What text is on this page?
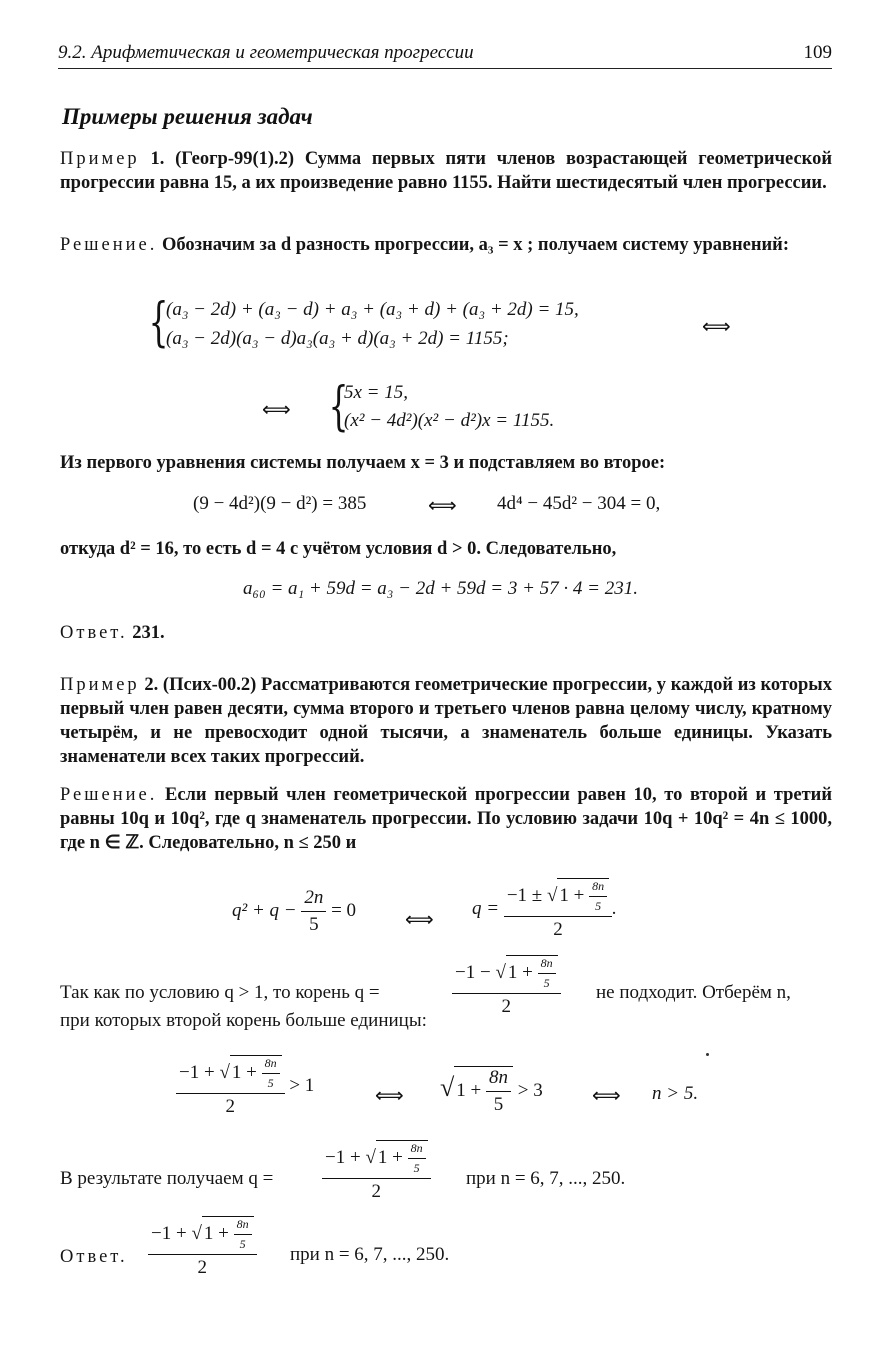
9.2. Арифметическая и геометрическая прогрессии	109
Примеры решения задач
Пример 1. (Геогр-99(1).2) Сумма первых пяти членов возрастающей геометрической прогрессии равна 15, а их произведение равно 1155. Найти шестидесятый член прогрессии.
Решение. Обозначим за d разность прогрессии, a₃ = x ; получаем систему уравнений:
{
(a₃ − 2d) + (a₃ − d) + a₃ + (a₃ + d) + (a₃ + 2d) = 15,
(a₃ − 2d)(a₃ − d)a₃(a₃ + d)(a₃ + 2d) = 1155;
⟺
⟺ {
5x = 15,
(x² − 4d²)(x² − d²)x = 1155.
Из первого уравнения системы получаем x = 3 и подставляем во второе:
(9 − 4d²)(9 − d²) = 385	⟺ 4d⁴ − 45d² − 304 = 0,
откуда d² = 16, то есть d = 4 с учётом условия d > 0. Следовательно,
a₆₀ = a₁ + 59d = a₃ − 2d + 59d = 3 + 57 · 4 = 231.
Ответ. 231.
Пример 2. (Псих-00.2) Рассматриваются геометрические прогрессии, у каждой из которых первый член равен десяти, сумма второго и третьего членов равна целому числу, кратному четырём, и не превосходит одной тысячи, а знаменатель больше единицы. Указать знаменатели всех таких прогрессий.
Решение. Если первый член геометрической прогрессии равен 10, то второй и третий равны 10q и 10q², где q знаменатель прогрессии. По условию задачи 10q + 10q² = 4n ≤ 1000, где n ∈ ℤ. Следовательно, n ≤ 250 и
$q^2 + q - \frac{2n}{5} = 0$ ⟺ $q = \frac{-1 \pm √ 1 + \frac{8n}{5}}{2}$ .
Так как по условию q > 1, то корень q =	$\frac{-1 - √ 1 + \frac{8n}{5}}{2}$ не подходит. Отберём n,
при которых второй корень больше единицы:
$\frac{-1 + √ 1 + \frac{8n}{5}}{2} > 1$	⟺ √ $1 + \frac{8n}{5} > 3$ ⟺ n > 5.
В результате получаем q =	$\frac{-1 + √ 1 + \frac{8n}{5}}{2}$ при n = 6, 7, ..., 250.
Ответ. $\frac{-1 + √ 1 + \frac{8n}{5}}{2}$ при n = 6, 7, ..., 250.
